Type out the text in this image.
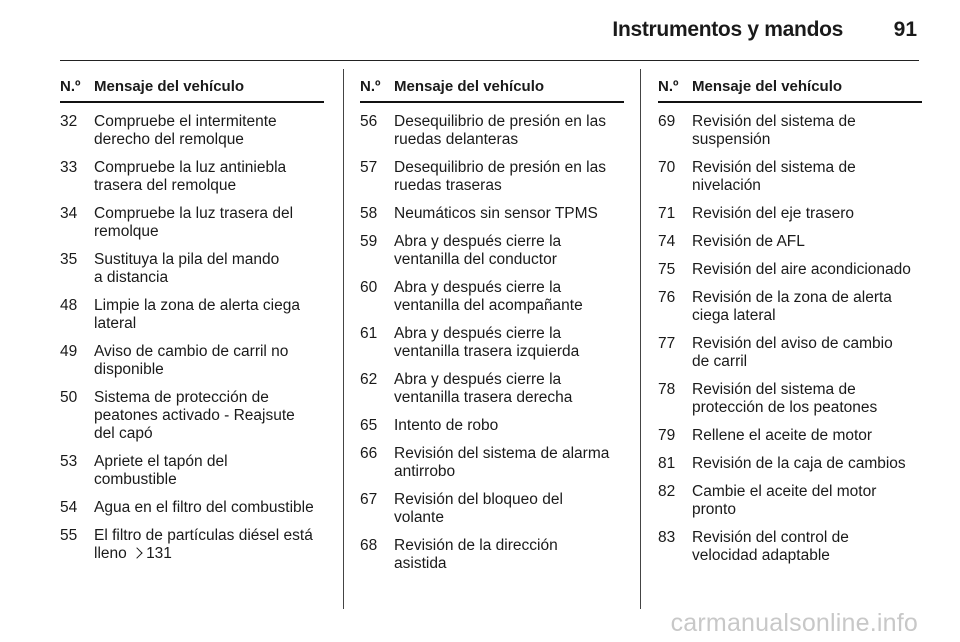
Instrumentos y mandos 91
N.º Mensaje del vehículo
32	Compruebe el intermitente
derecho del remolque
33	Compruebe la luz antiniebla
trasera del remolque
34	Compruebe la luz trasera del
remolque
35	Sustituya la pila del mando
a distancia
48	Limpie la zona de alerta ciega
lateral
49	Aviso de cambio de carril no
disponible
50	Sistema de protección de
peatones activado - Reajsute
del capó
53	Apriete el tapón del
combustible
54	Agua en el filtro del combustible
55	El filtro de partículas diésel está
lleno 131
N.º Mensaje del vehículo
56	Desequilibrio de presión en las
ruedas delanteras
57	Desequilibrio de presión en las
ruedas traseras
58	Neumáticos sin sensor TPMS
59	Abra y después cierre la
ventanilla del conductor
60	Abra y después cierre la
ventanilla del acompañante
61	Abra y después cierre la
ventanilla trasera izquierda
62	Abra y después cierre la
ventanilla trasera derecha
65	Intento de robo
66	Revisión del sistema de alarma
antirrobo
67	Revisión del bloqueo del
volante
68	Revisión de la dirección
asistida
N.º Mensaje del vehículo
69	Revisión del sistema de
suspensión
70	Revisión del sistema de
nivelación
71	Revisión del eje trasero
74	Revisión de AFL
75	Revisión del aire acondicionado
76	Revisión de la zona de alerta
ciega lateral
77	Revisión del aviso de cambio
de carril
78	Revisión del sistema de
protección de los peatones
79	Rellene el aceite de motor
81	Revisión de la caja de cambios
82	Cambie el aceite del motor
pronto
83	Revisión del control de
velocidad adaptable
carmanualsonline.info
